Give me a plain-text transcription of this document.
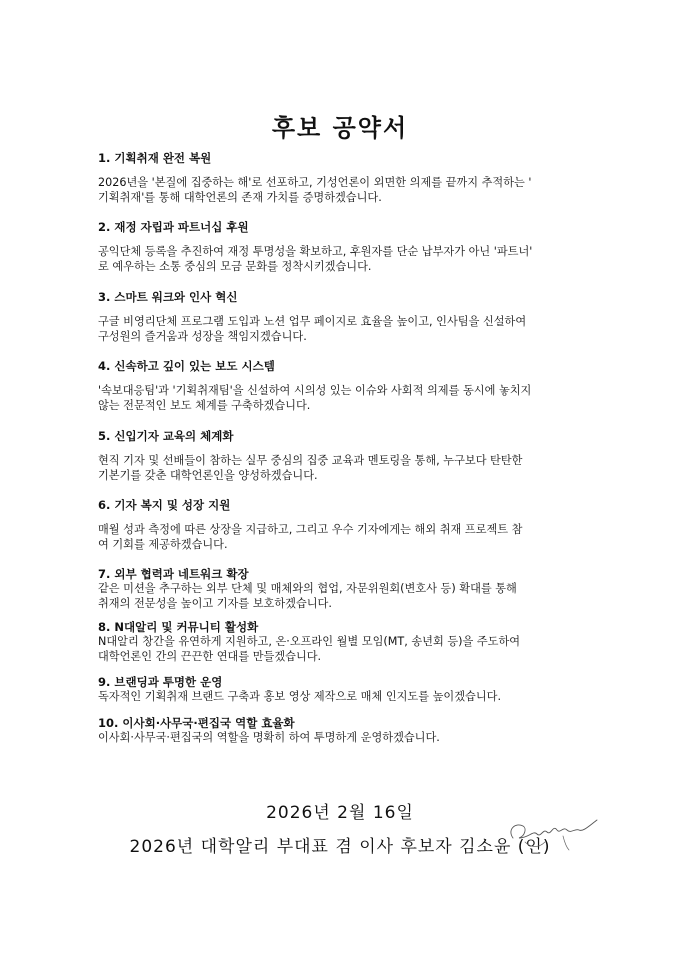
후보 공약서
1. 기획취재 완전 복원
2026년을 '본질에 집중하는 해'로 선포하고, 기성언론이 외면한 의제를 끝까지 추적하는 '
기획취재'를 통해 대학언론의 존재 가치를 증명하겠습니다.
2. 재정 자립과 파트너십 후원
공익단체 등록을 추진하여 재정 투명성을 확보하고, 후원자를 단순 납부자가 아닌 '파트너'
로 예우하는 소통 중심의 모금 문화를 정착시키겠습니다.
3. 스마트 워크와 인사 혁신
구글 비영리단체 프로그램 도입과 노션 업무 페이지로 효율을 높이고, 인사팀을 신설하여
구성원의 즐거움과 성장을 책임지겠습니다.
4. 신속하고 깊이 있는 보도 시스템
'속보대응팀'과 '기획취재팀'을 신설하여 시의성 있는 이슈와 사회적 의제를 동시에 놓치지
않는 전문적인 보도 체계를 구축하겠습니다.
5. 신입기자 교육의 체계화
현직 기자 및 선배들이 참하는 실무 중심의 집중 교육과 멘토링을 통해, 누구보다 탄탄한
기본기를 갖춘 대학언론인을 양성하겠습니다.
6. 기자 복지 및 성장 지원
매월 성과 측정에 따른 상장을 지급하고, 그리고 우수 기자에게는 해외 취재 프로젝트 참
여 기회를 제공하겠습니다.
7. 외부 협력과 네트워크 확장
같은 미션을 추구하는 외부 단체 및 매체와의 협업, 자문위원회(변호사 등) 확대를 통해
취재의 전문성을 높이고 기자를 보호하겠습니다.
8. N대알리 및 커뮤니티 활성화
N대알리 창간을 유연하게 지원하고, 온·오프라인 월별 모임(MT, 송년회 등)을 주도하여
대학언론인 간의 끈끈한 연대를 만들겠습니다.
9. 브랜딩과 투명한 운영
독자적인 기획취재 브랜드 구축과 홍보 영상 제작으로 매체 인지도를 높이겠습니다.
10. 이사회·사무국·편집국 역할 효율화
이사회·사무국·편집국의 역할을 명확히 하여 투명하게 운영하겠습니다.
2026년 2월 16일
2026년 대학알리 부대표 겸 이사 후보자 김소윤 (인)
